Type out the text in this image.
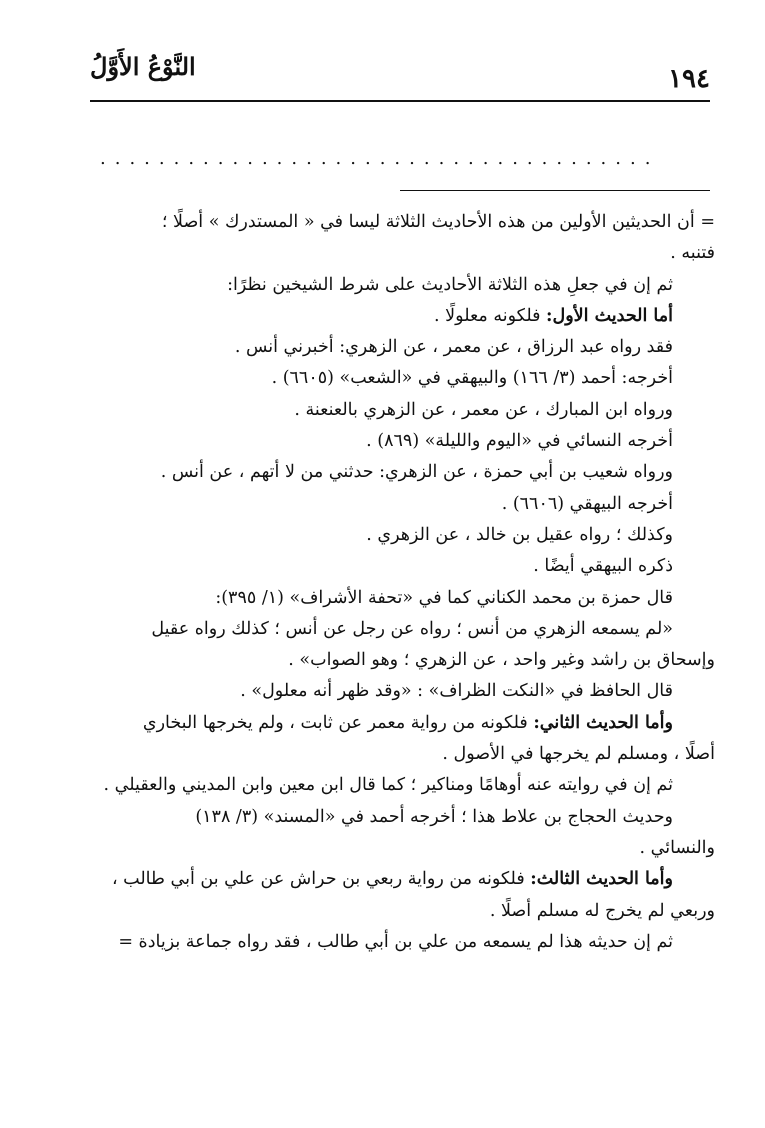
النَّوْعُ الأَوَّلُ	١٩٤
......................................
= أن الحديثين الأولين من هذه الأحاديث الثلاثة ليسا في « المستدرك » أصلًا ؛
فتنبه .
ثم إن في جعلِ هذه الثلاثة الأحاديث على شرط الشيخين نظرًا:
أما الحديث الأول: فلكونه معلولًا .
فقد رواه عبد الرزاق ، عن معمر ، عن الزهري: أخبرني أنس .
أخرجه: أحمد (٣/ ١٦٦) والبيهقي في «الشعب» (٦٦٠٥) .
ورواه ابن المبارك ، عن معمر ، عن الزهري بالعنعنة .
أخرجه النسائي في «اليوم والليلة» (٨٦٩) .
ورواه شعيب بن أبي حمزة ، عن الزهري: حدثني من لا أتهم ، عن أنس .
أخرجه البيهقي (٦٦٠٦) .
وكذلك ؛ رواه عقيل بن خالد ، عن الزهري .
ذكره البيهقي أيضًا .
قال حمزة بن محمد الكناني كما في «تحفة الأشراف» (١/ ٣٩٥):
«لم يسمعه الزهري من أنس ؛ رواه عن رجل عن أنس ؛ كذلك رواه عقيل
وإسحاق بن راشد وغير واحد ، عن الزهري ؛ وهو الصواب» .
قال الحافظ في «النكت الظراف» : «وقد ظهر أنه معلول» .
وأما الحديث الثاني: فلكونه من رواية معمر عن ثابت ، ولم يخرجها البخاري
أصلًا ، ومسلم لم يخرجها في الأصول .
ثم إن في روايته عنه أوهامًا ومناكير ؛ كما قال ابن معين وابن المديني والعقيلي .
وحديث الحجاج بن علاط هذا ؛ أخرجه أحمد في «المسند» (٣/ ١٣٨)
والنسائي .
وأما الحديث الثالث: فلكونه من رواية ربعي بن حراش عن علي بن أبي طالب ،
وربعي لم يخرج له مسلم أصلًا .
ثم إن حديثه هذا لم يسمعه من علي بن أبي طالب ، فقد رواه جماعة بزيادة =
